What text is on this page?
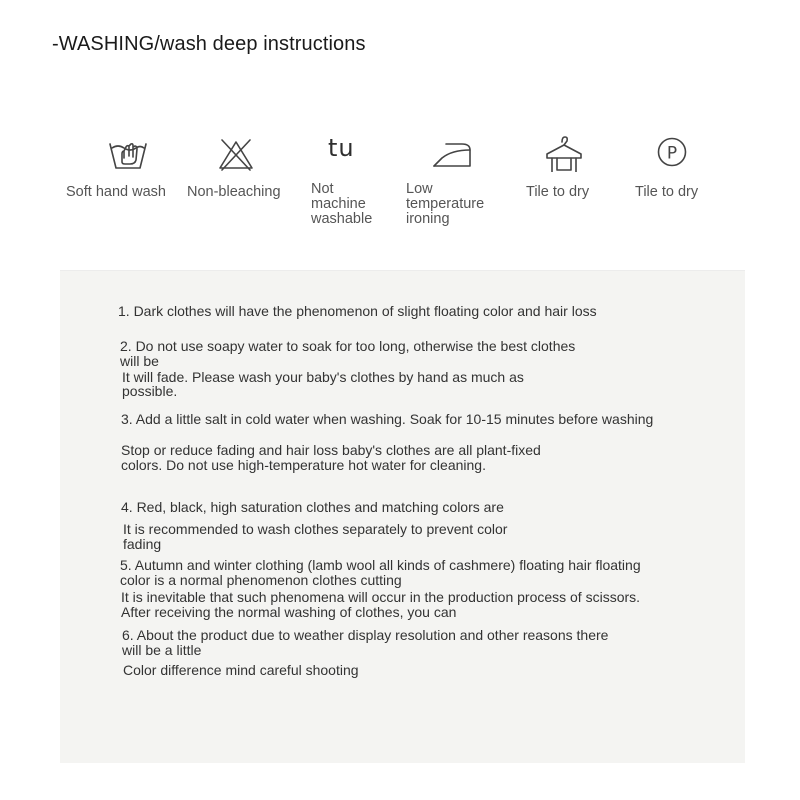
-WASHING/wash deep instructions
tu	P
Soft hand wash Non-bleaching Not
machine
washable
Low
temperature
ironing
Tile to dry	Tile to dry
1. Dark clothes will have the phenomenon of slight floating color and hair loss
2. Do not use soapy water to soak for too long, otherwise the best clothes
will be
It will fade. Please wash your baby's clothes by hand as much as
possible.
3. Add a little salt in cold water when washing. Soak for 10-15 minutes before washing
Stop or reduce fading and hair loss baby's clothes are all plant-fixed
colors. Do not use high-temperature hot water for cleaning.
4. Red, black, high saturation clothes and matching colors are
It is recommended to wash clothes separately to prevent color
fading
5. Autumn and winter clothing (lamb wool all kinds of cashmere) floating hair floating
color is a normal phenomenon clothes cutting
It is inevitable that such phenomena will occur in the production process of scissors.
After receiving the normal washing of clothes, you can
6. About the product due to weather display resolution and other reasons there
will be a little
Color difference mind careful shooting
